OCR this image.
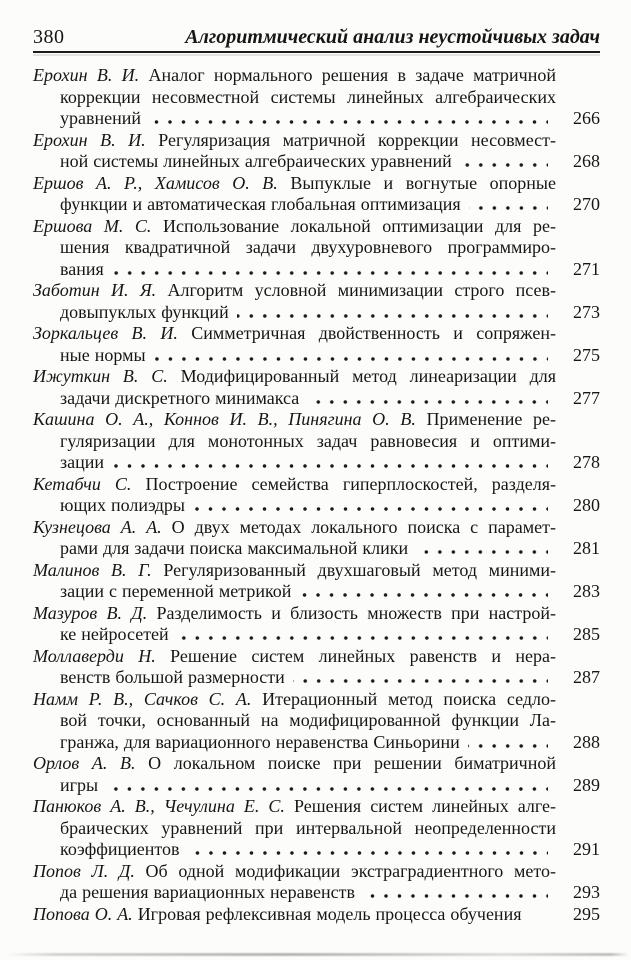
380	Алгоритмический анализ неустойчивых задач
Ерохин В. И. Аналог нормального решения в задаче матричной
коррекции несовместной системы линейных алгебраических
уравнений	266
Ерохин В. И. Регуляризация матричной коррекции несовмест-
ной системы линейных алгебраических уравнений	268
Ершов А. Р., Хамисов О. В. Выпуклые и вогнутые опорные
функции и автоматическая глобальная оптимизация	270
Ершова М. С. Использование локальной оптимизации для ре-
шения квадратичной задачи двухуровневого программиро-
вания	271
Заботин И. Я. Алгоритм условной минимизации строго псев-
довыпуклых функций	273
Зоркальцев В. И. Симметричная двойственность и сопряжен-
ные нормы	275
Ижуткин В. С. Модифицированный метод линеаризации для
задачи дискретного минимакса	277
Кашина О. А., Коннов И. В., Пинягина О. В. Применение ре-
гуляризации для монотонных задач равновесия и оптими-
зации	278
Кетабчи С. Построение семейства гиперплоскостей, разделя-
ющих полиэдры	280
Кузнецова А. А. О двух методах локального поиска с парамет-
рами для задачи поиска максимальной клики	281
Малинов В. Г. Регуляризованный двухшаговый метод миними-
зации с переменной метрикой	283
Мазуров В. Д. Разделимость и близость множеств при настрой-
ке нейросетей	285
Моллаверди Н. Решение систем линейных равенств и нера-
венств большой размерности	287
Намм Р. В., Сачков С. А. Итерационный метод поиска седло-
вой точки, основанный на модифицированной функции Ла-
гранжа, для вариационного неравенства Синьорини	288
Орлов А. В. О локальном поиске при решении биматричной
игры	289
Панюков А. В., Чечулина Е. С. Решения систем линейных алге-
браических уравнений при интервальной неопределенности
коэффициентов	291
Попов Л. Д. Об одной модификации экстраградиентного мето-
да решения вариационных неравенств	293
Попова О. А. Игровая рефлексивная модель процесса обучения	295
